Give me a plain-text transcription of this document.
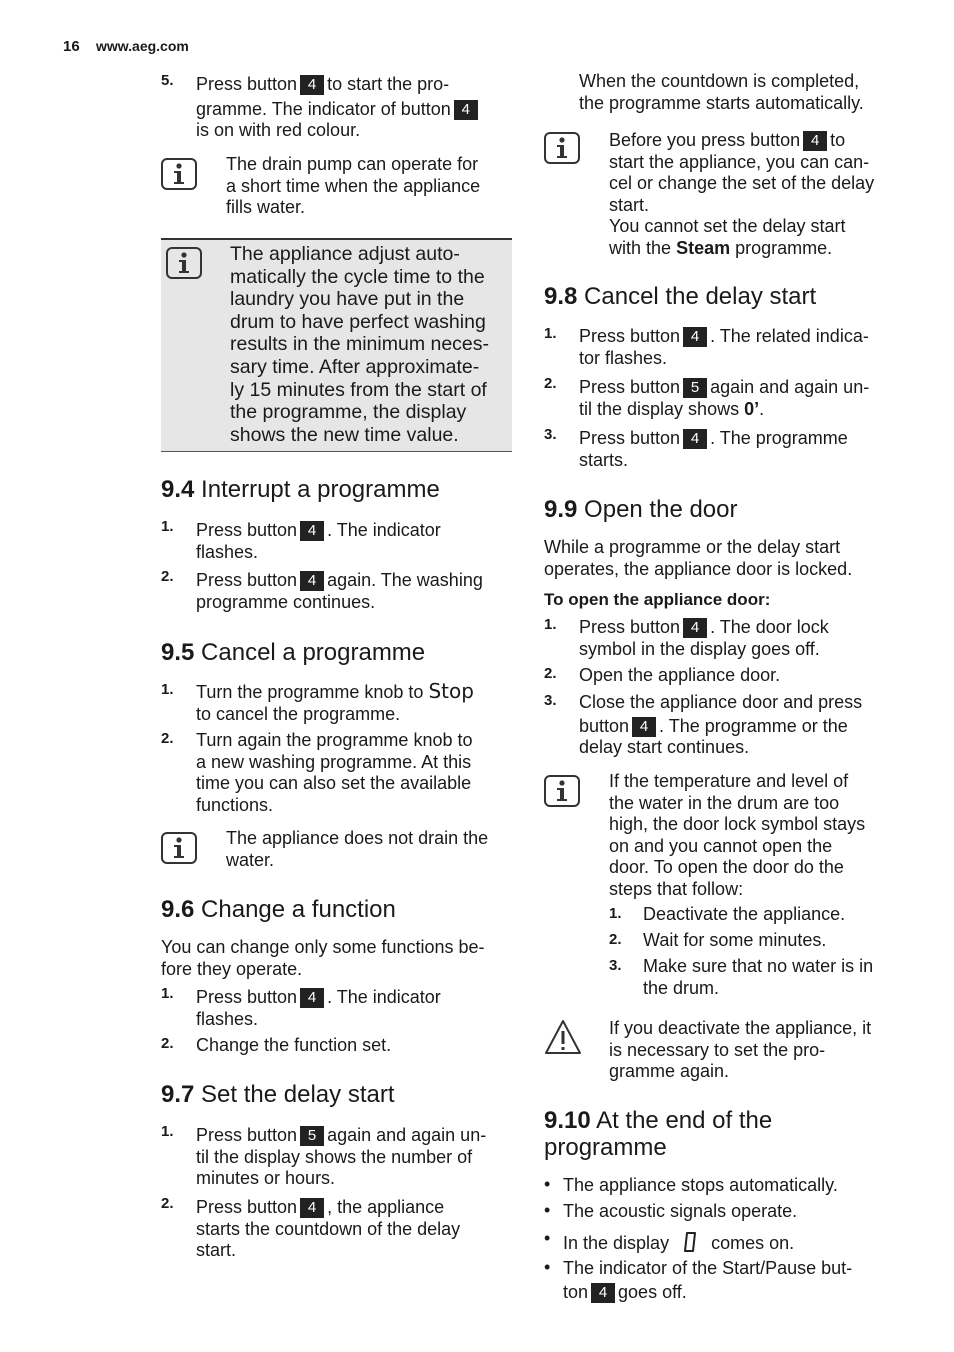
16 www.aeg.com
5. Press button 4 to start the pro-
gramme. The indicator of button 4
is on with red colour.
The drain pump can operate for
a short time when the appliance
fills water.
The appliance adjust auto-
matically the cycle time to the
laundry you have put in the
drum to have perfect washing
results in the minimum neces-
sary time. After approximate-
ly 15 minutes from the start of
the programme, the display
shows the new time value.
9.4 Interrupt a programme
1. Press button 4 . The indicator
flashes.
2. Press button 4 again. The washing
programme continues.
9.5 Cancel a programme
1. Turn the programme knob to Stop
to cancel the programme.
2. Turn again the programme knob to
a new washing programme. At this
time you can also set the available
functions.
The appliance does not drain the
water.
9.6 Change a function
You can change only some functions be-
fore they operate.
1. Press button 4 . The indicator
flashes.
2. Change the function set.
9.7 Set the delay start
1. Press button 5 again and again un-
til the display shows the number of
minutes or hours.
2. Press button 4 , the appliance
starts the countdown of the delay
start.
When the countdown is completed,
the programme starts automatically.
Before you press button 4 to
start the appliance, you can can-
cel or change the set of the delay
start.
You cannot set the delay start
with the Steam programme.
9.8 Cancel the delay start
1. Press button 4 . The related indica-
tor flashes.
2. Press button 5 again and again un-
til the display shows 0’.
3. Press button 4 . The programme
starts.
9.9 Open the door
While a programme or the delay start
operates, the appliance door is locked.
To open the appliance door:
1. Press button 4 . The door lock
symbol in the display goes off.
2. Open the appliance door.
3. Close the appliance door and press
button 4 . The programme or the
delay start continues.
If the temperature and level of
the water in the drum are too
high, the door lock symbol stays
on and you cannot open the
door. To open the door do the
steps that follow:
1. Deactivate the appliance.
2. Wait for some minutes.
3. Make sure that no water is in
the drum.
If you deactivate the appliance, it
is necessary to set the pro-
gramme again.
9.10 At the end of the
programme
• The appliance stops automatically.
• The acoustic signals operate.
• In the display comes on.
• The indicator of the Start/Pause but-
ton 4 goes off.
